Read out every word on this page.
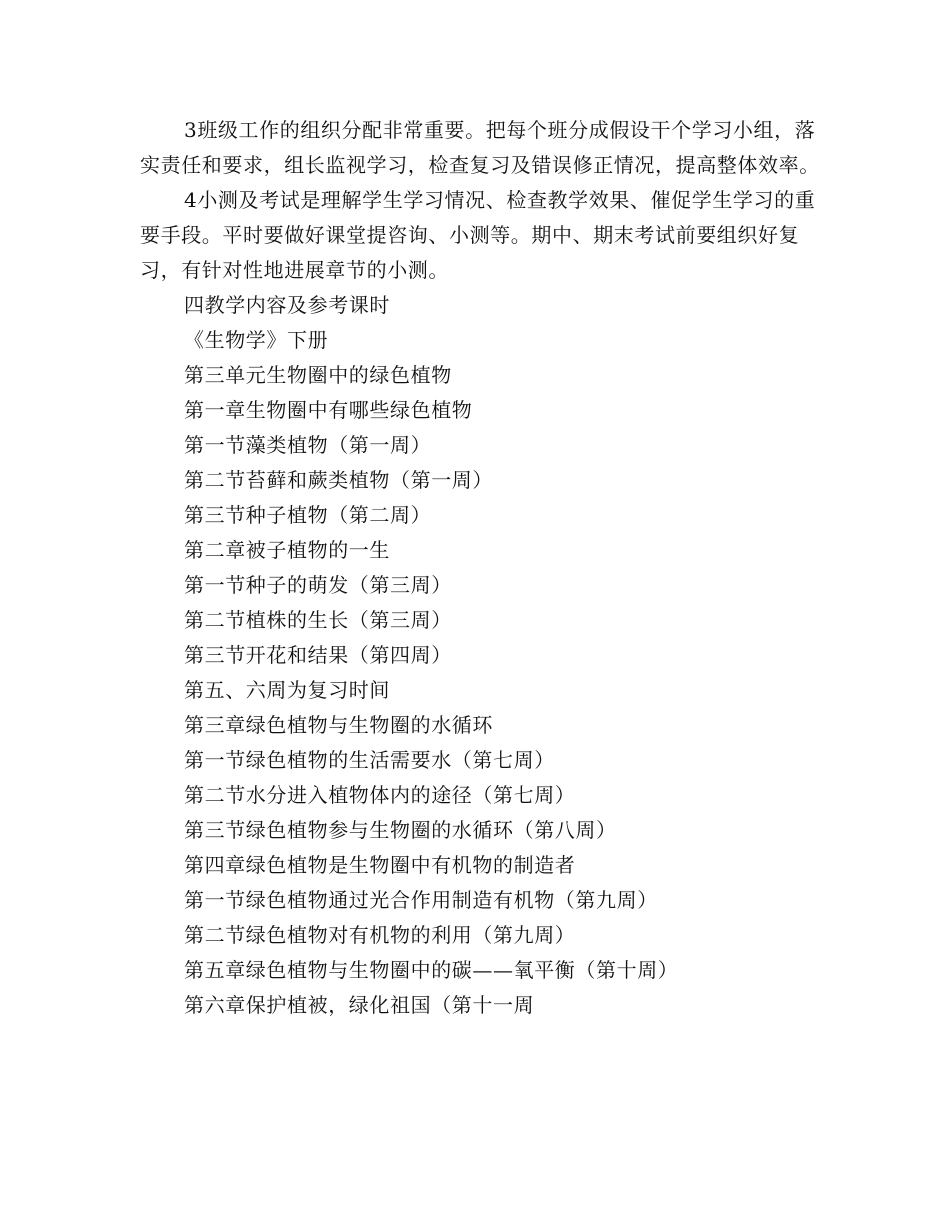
3班级工作的组织分配非常重要。把每个班分成假设干个学习小组，落实责任和要求，组长监视学习，检查复习及错误修正情况，提高整体效率。

4小测及考试是理解学生学习情况、检查教学效果、催促学生学习的重要手段。平时要做好课堂提咨询、小测等。期中、期末考试前要组织好复习，有针对性地进展章节的小测。

四教学内容及参考课时

《生物学》下册

第三单元生物圈中的绿色植物

第一章生物圈中有哪些绿色植物

第一节藻类植物（第一周）

第二节苔藓和蕨类植物（第一周）

第三节种子植物（第二周）

第二章被子植物的一生

第一节种子的萌发（第三周）

第二节植株的生长（第三周）

第三节开花和结果（第四周）

第五、六周为复习时间

第三章绿色植物与生物圈的水循环

第一节绿色植物的生活需要水（第七周）

第二节水分进入植物体内的途径（第七周）

第三节绿色植物参与生物圈的水循环（第八周）

第四章绿色植物是生物圈中有机物的制造者

第一节绿色植物通过光合作用制造有机物（第九周）

第二节绿色植物对有机物的利用（第九周）

第五章绿色植物与生物圈中的碳——氧平衡（第十周）

第六章保护植被，绿化祖国（第十一周
